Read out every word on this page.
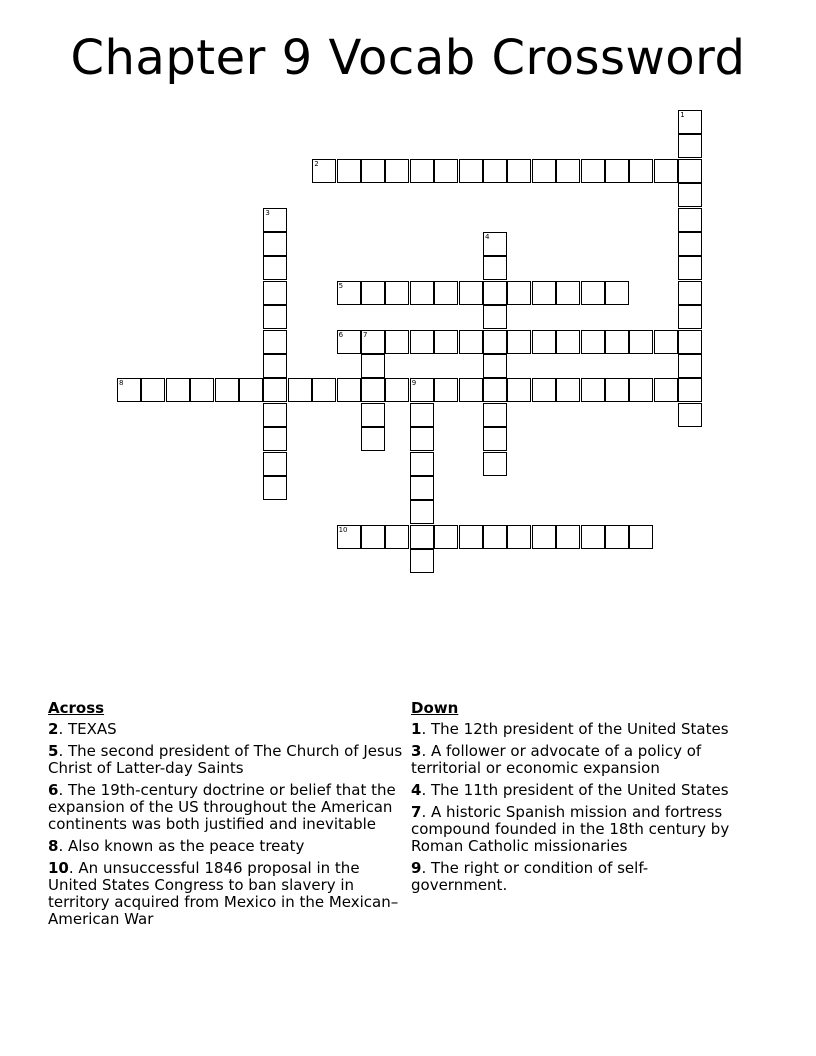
Chapter 9 Vocab Crossword
1
2
3
4
5
6	7
8	9
10
Across
2. TEXAS
5. The second president of The Church of Jesus Christ of Latter-day Saints
6. The 19th-century doctrine or belief that the expansion of the US throughout the American continents was both justified and inevitable
8. Also known as the peace treaty
10. An unsuccessful 1846 proposal in the United States Congress to ban slavery in territory acquired from Mexico in the Mexican–American War
Down
1. The 12th president of the United States
3. A follower or advocate of a policy of territorial or economic expansion
4. The 11th president of the United States
7. A historic Spanish mission and fortress compound founded in the 18th century by Roman Catholic missionaries
9. The right or condition of self-government.
